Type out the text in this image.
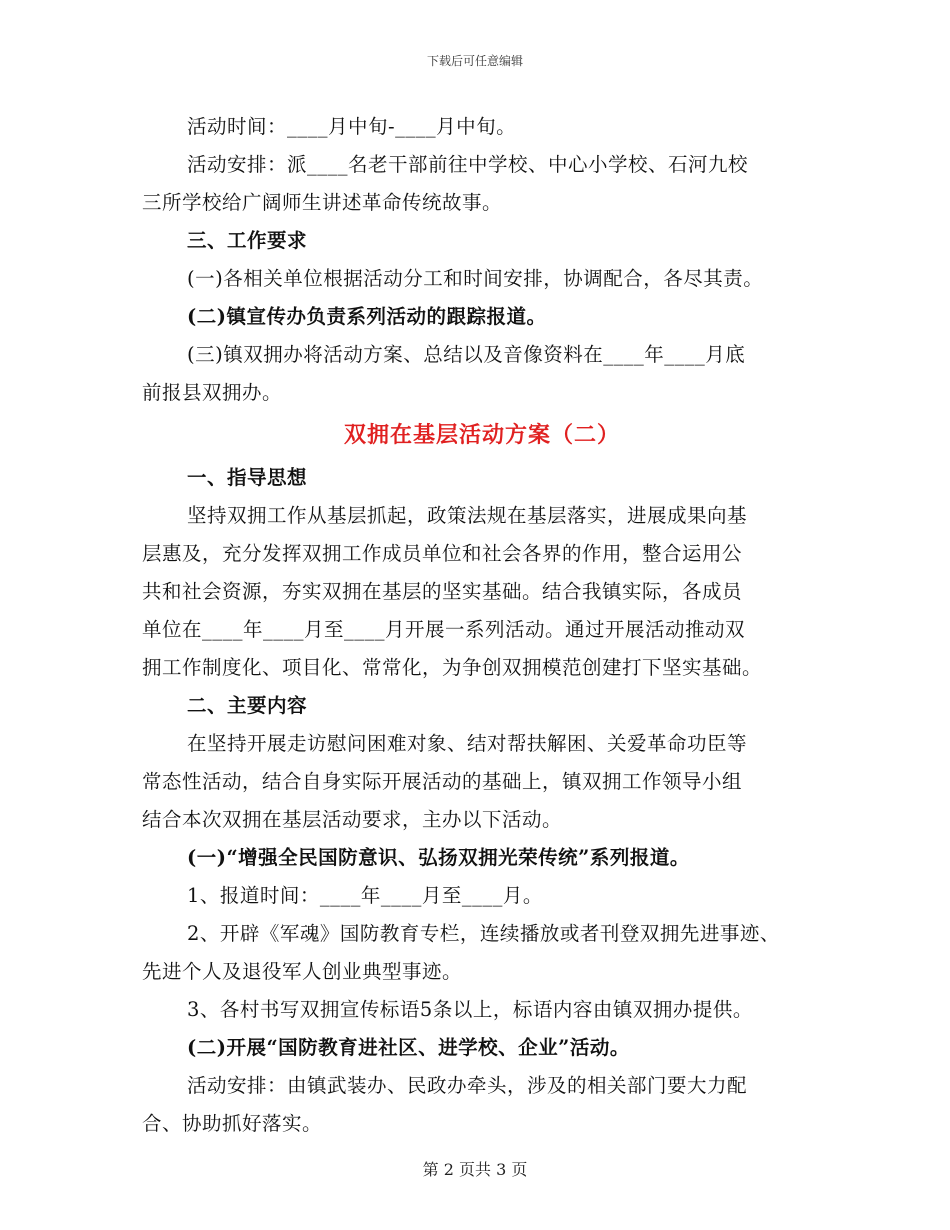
下载后可任意编辑
活动时间：____月中旬-____月中旬。
活动安排：派____名老干部前往中学校、中心小学校、石河九校
三所学校给广阔师生讲述革命传统故事。
三、工作要求
(一)各相关单位根据活动分工和时间安排，协调配合，各尽其责。
(二)镇宣传办负责系列活动的跟踪报道。
(三)镇双拥办将活动方案、总结以及音像资料在____年____月底
前报县双拥办。
双拥在基层活动方案（二）
一、指导思想
坚持双拥工作从基层抓起，政策法规在基层落实，进展成果向基
层惠及，充分发挥双拥工作成员单位和社会各界的作用，整合运用公
共和社会资源，夯实双拥在基层的坚实基础。结合我镇实际，各成员
单位在____年____月至____月开展一系列活动。通过开展活动推动双
拥工作制度化、项目化、常常化，为争创双拥模范创建打下坚实基础。
二、主要内容
在坚持开展走访慰问困难对象、结对帮扶解困、关爱革命功臣等
常态性活动，结合自身实际开展活动的基础上，镇双拥工作领导小组
结合本次双拥在基层活动要求，主办以下活动。
(一)“增强全民国防意识、弘扬双拥光荣传统”系列报道。
1、报道时间：____年____月至____月。
2、开辟《军魂》国防教育专栏，连续播放或者刊登双拥先进事迹、
先进个人及退役军人创业典型事迹。
3、各村书写双拥宣传标语5条以上，标语内容由镇双拥办提供。
(二)开展“国防教育进社区、进学校、企业”活动。
活动安排：由镇武装办、民政办牵头，涉及的相关部门要大力配
合、协助抓好落实。
第 2 页共 3 页
